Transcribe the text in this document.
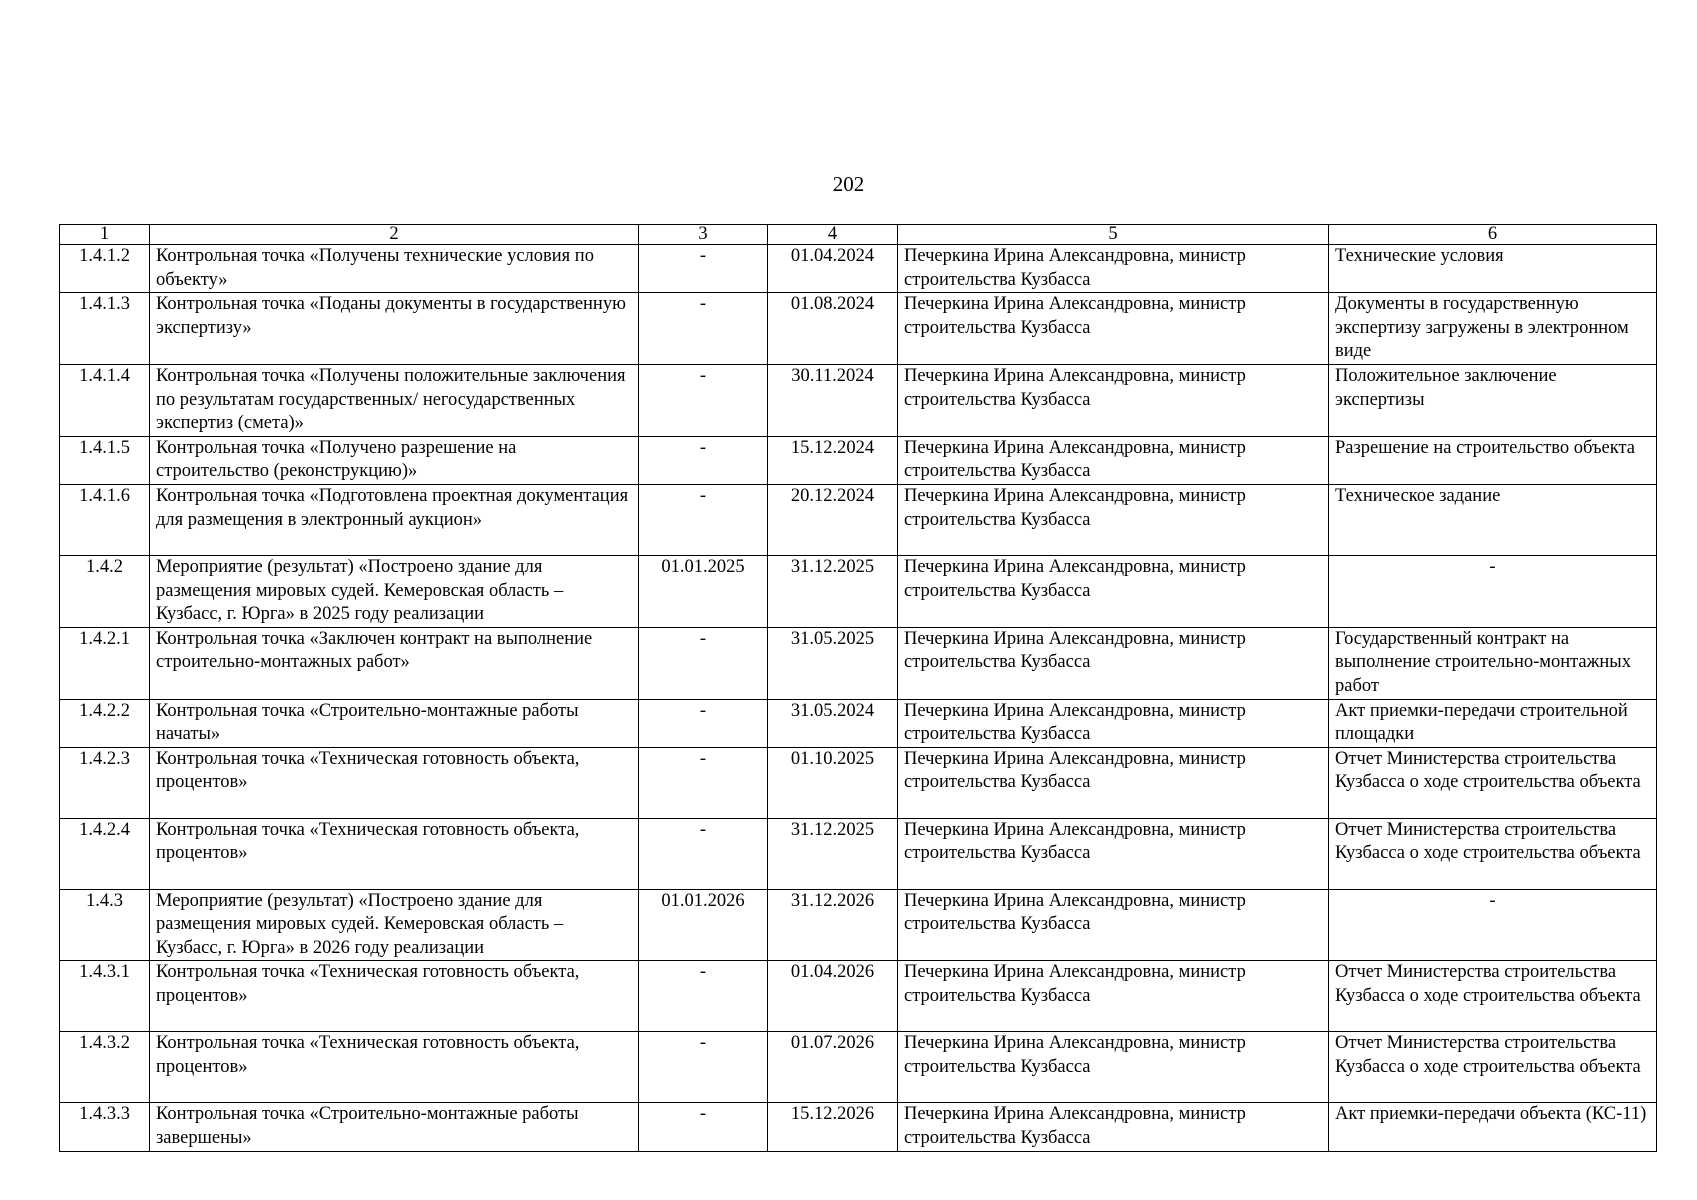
202
1	2	3	4	5	6
1.4.1.2	Контрольная точка «Получены технические условия по объекту»	-	01.04.2024	Печеркина Ирина Александровна, министр строительства Кузбасса	Технические условия
1.4.1.3	Контрольная точка «Поданы документы в государственную экспертизу»	-	01.08.2024	Печеркина Ирина Александровна, министр строительства Кузбасса	Документы в государственную экспертизу загружены в электронном виде
1.4.1.4	Контрольная точка «Получены положительные заключения по результатам государственных/ негосударственных экспертиз (смета)»	-	30.11.2024	Печеркина Ирина Александровна, министр строительства Кузбасса	Положительное заключение экспертизы
1.4.1.5	Контрольная точка «Получено разрешение на строительство (реконструкцию)»	-	15.12.2024	Печеркина Ирина Александровна, министр строительства Кузбасса	Разрешение на строительство объекта
1.4.1.6	Контрольная точка «Подготовлена проектная документация для размещения в электронный аукцион»	-	20.12.2024	Печеркина Ирина Александровна, министр строительства Кузбасса	Техническое задание
1.4.2	Мероприятие (результат) «Построено здание для размещения мировых судей. Кемеровская область – Кузбасс, г. Юрга» в 2025 году реализации	01.01.2025	31.12.2025	Печеркина Ирина Александровна, министр строительства Кузбасса	-
1.4.2.1	Контрольная точка «Заключен контракт на выполнение строительно-монтажных работ»	-	31.05.2025	Печеркина Ирина Александровна, министр строительства Кузбасса	Государственный контракт на выполнение строительно-монтажных работ
1.4.2.2	Контрольная точка «Строительно-монтажные работы начаты»	-	31.05.2024	Печеркина Ирина Александровна, министр строительства Кузбасса	Акт приемки-передачи строительной площадки
1.4.2.3	Контрольная точка «Техническая готовность объекта, процентов»	-	01.10.2025	Печеркина Ирина Александровна, министр строительства Кузбасса	Отчет Министерства строительства Кузбасса о ходе строительства объекта
1.4.2.4	Контрольная точка «Техническая готовность объекта, процентов»	-	31.12.2025	Печеркина Ирина Александровна, министр строительства Кузбасса	Отчет Министерства строительства Кузбасса о ходе строительства объекта
1.4.3	Мероприятие (результат) «Построено здание для размещения мировых судей. Кемеровская область – Кузбасс, г. Юрга» в 2026 году реализации	01.01.2026	31.12.2026	Печеркина Ирина Александровна, министр строительства Кузбасса	-
1.4.3.1	Контрольная точка «Техническая готовность объекта, процентов»	-	01.04.2026	Печеркина Ирина Александровна, министр строительства Кузбасса	Отчет Министерства строительства Кузбасса о ходе строительства объекта
1.4.3.2	Контрольная точка «Техническая готовность объекта, процентов»	-	01.07.2026	Печеркина Ирина Александровна, министр строительства Кузбасса	Отчет Министерства строительства Кузбасса о ходе строительства объекта
1.4.3.3	Контрольная точка «Строительно-монтажные работы завершены»	-	15.12.2026	Печеркина Ирина Александровна, министр строительства Кузбасса	Акт приемки-передачи объекта (КС-11)
